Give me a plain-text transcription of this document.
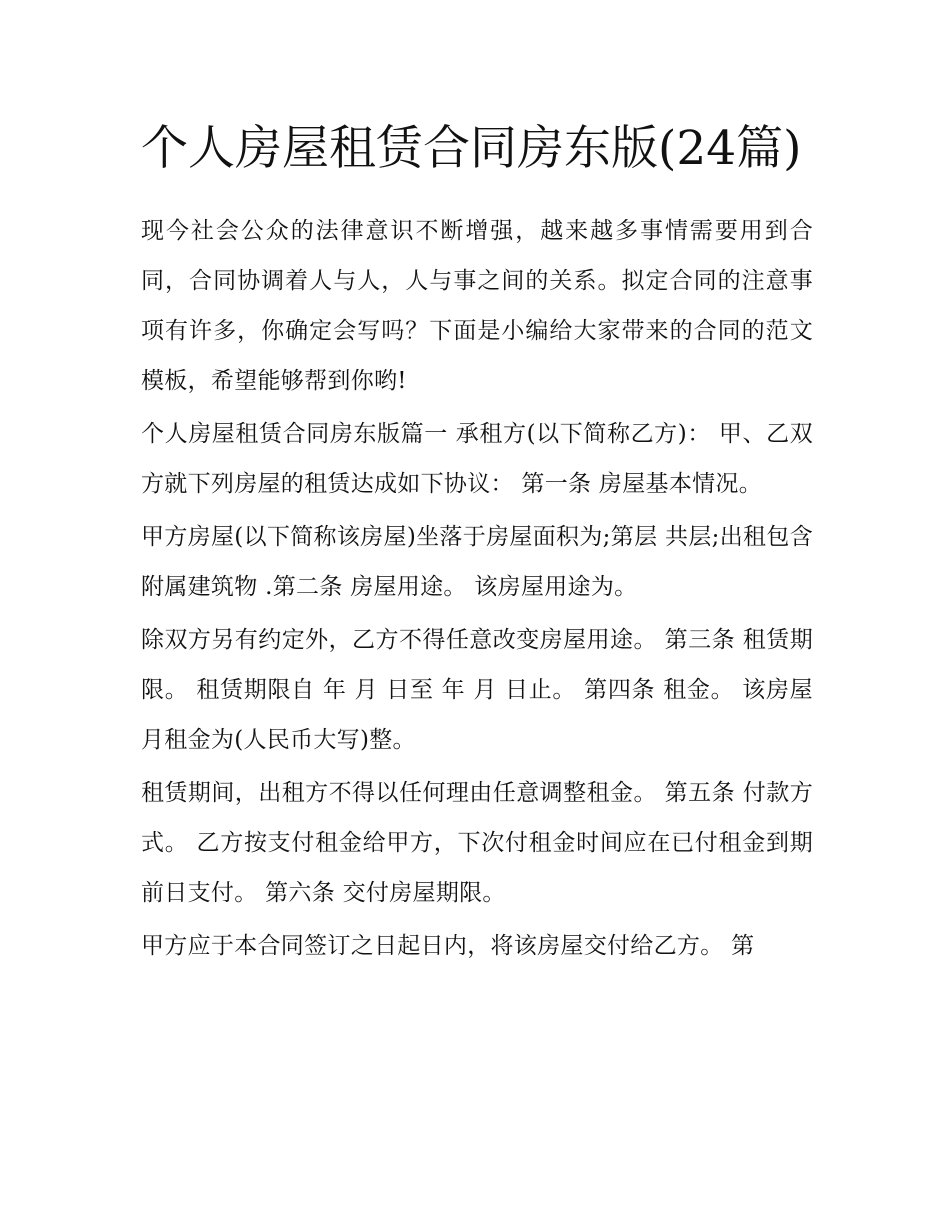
个人房屋租赁合同房东版(24篇)

现今社会公众的法律意识不断增强，越来越多事情需要用到合同，合同协调着人与人，人与事之间的关系。拟定合同的注意事项有许多，你确定会写吗？下面是小编给大家带来的合同的范文模板，希望能够帮到你哟!

个人房屋租赁合同房东版篇一 承租方(以下简称乙方)： 甲、乙双方就下列房屋的租赁达成如下协议： 第一条 房屋基本情况。

甲方房屋(以下简称该房屋)坐落于房屋面积为;第层 共层;出租包含附属建筑物 .第二条 房屋用途。 该房屋用途为。

除双方另有约定外，乙方不得任意改变房屋用途。 第三条 租赁期限。 租赁期限自 年 月 日至 年 月 日止。 第四条 租金。 该房屋月租金为(人民币大写)整。

租赁期间，出租方不得以任何理由任意调整租金。 第五条 付款方式。 乙方按支付租金给甲方，下次付租金时间应在已付租金到期前日支付。 第六条 交付房屋期限。

甲方应于本合同签订之日起日内，将该房屋交付给乙方。 第
